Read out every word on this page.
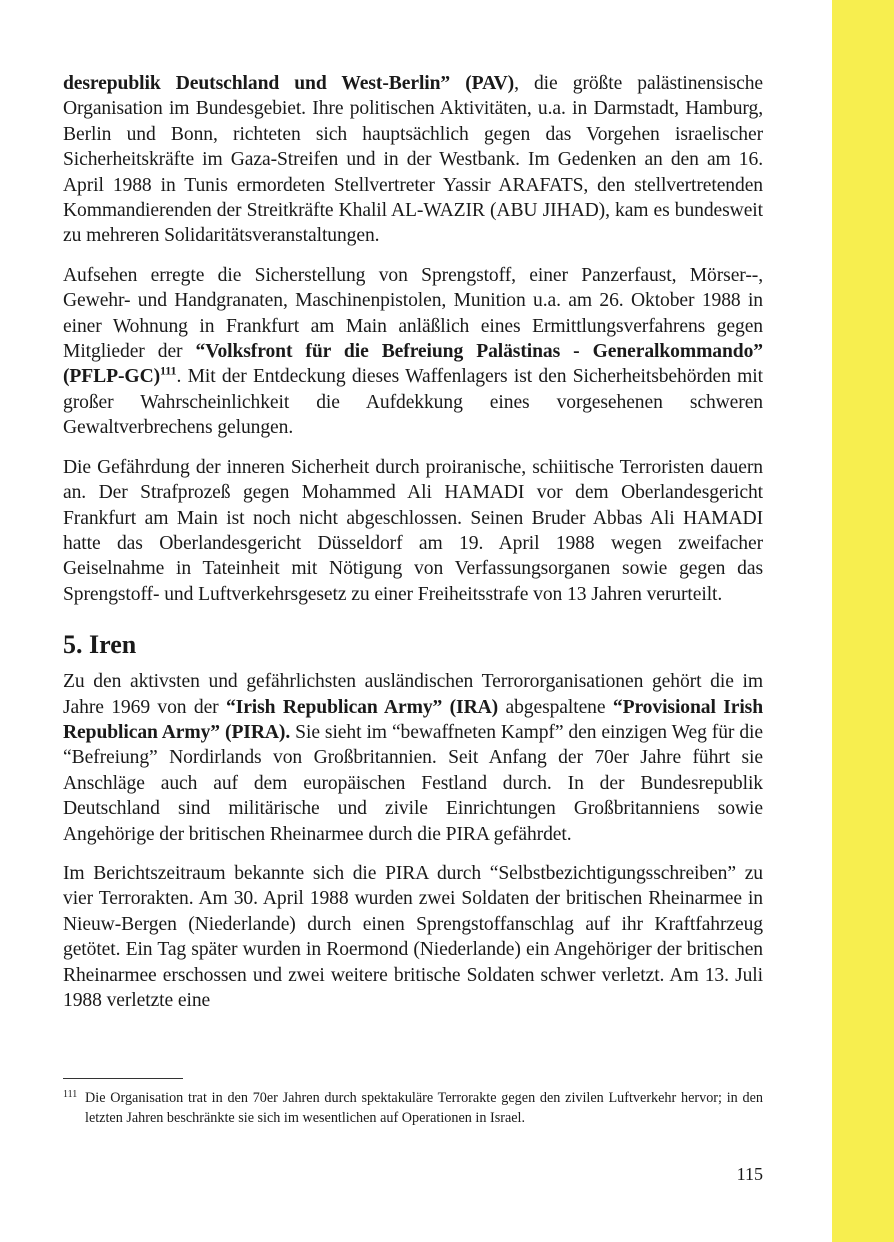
desrepublik Deutschland und West-Berlin” (PAV), die größte palästinensische Organisation im Bundesgebiet. Ihre politischen Aktivitäten, u.a. in Darmstadt, Hamburg, Berlin und Bonn, richteten sich hauptsächlich gegen das Vorgehen israelischer Sicherheitskräfte im Gaza-Streifen und in der Westbank. Im Gedenken an den am 16. April 1988 in Tunis ermordeten Stellvertreter Yassir ARAFATS, den stellvertretenden Kommandierenden der Streitkräfte Khalil AL-WAZIR (ABU JIHAD), kam es bundesweit zu mehreren Solidaritätsveranstaltungen.

Aufsehen erregte die Sicherstellung von Sprengstoff, einer Panzerfaust, Mörser--, Gewehr- und Handgranaten, Maschinenpistolen, Munition u.a. am 26. Oktober 1988 in einer Wohnung in Frankfurt am Main anläßlich eines Ermittlungsverfahrens gegen Mitglieder der “Volksfront für die Befreiung Palästinas - Generalkommando” (PFLP-GC)$^{111}$. Mit der Entdeckung dieses Waffenlagers ist den Sicherheitsbehörden mit großer Wahrscheinlichkeit die Aufdekkung eines vorgesehenen schweren Gewaltverbrechens gelungen.

Die Gefährdung der inneren Sicherheit durch proiranische, schiitische Terroristen dauern an. Der Strafprozeß gegen Mohammed Ali HAMADI vor dem Oberlandesgericht Frankfurt am Main ist noch nicht abgeschlossen. Seinen Bruder Abbas Ali HAMADI hatte das Oberlandesgericht Düsseldorf am 19. April 1988 wegen zweifacher Geiselnahme in Tateinheit mit Nötigung von Verfassungsorganen sowie gegen das Sprengstoff- und Luftverkehrsgesetz zu einer Freiheitsstrafe von 13 Jahren verurteilt.

5. Iren

Zu den aktivsten und gefährlichsten ausländischen Terrororganisationen gehört die im Jahre 1969 von der “Irish Republican Army” (IRA) abgespaltene “Provisional Irish Republican Army” (PIRA). Sie sieht im “bewaffneten Kampf” den einzigen Weg für die “Befreiung” Nordirlands von Großbritannien. Seit Anfang der 70er Jahre führt sie Anschläge auch auf dem europäischen Festland durch. In der Bundesrepublik Deutschland sind militärische und zivile Einrichtungen Großbritanniens sowie Angehörige der britischen Rheinarmee durch die PIRA gefährdet.

Im Berichtszeitraum bekannte sich die PIRA durch “Selbstbezichtigungsschreiben” zu vier Terrorakten. Am 30. April 1988 wurden zwei Soldaten der britischen Rheinarmee in Nieuw-Bergen (Niederlande) durch einen Sprengstoffanschlag auf ihr Kraftfahrzeug getötet. Ein Tag später wurden in Roermond (Niederlande) ein Angehöriger der britischen Rheinarmee erschossen und zwei weitere britische Soldaten schwer verletzt. Am 13. Juli 1988 verletzte eine

111 Die Organisation trat in den 70er Jahren durch spektakuläre Terrorakte gegen den zivilen Luftverkehr hervor; in den letzten Jahren beschränkte sie sich im wesentlichen auf Operationen in Israel.
115
